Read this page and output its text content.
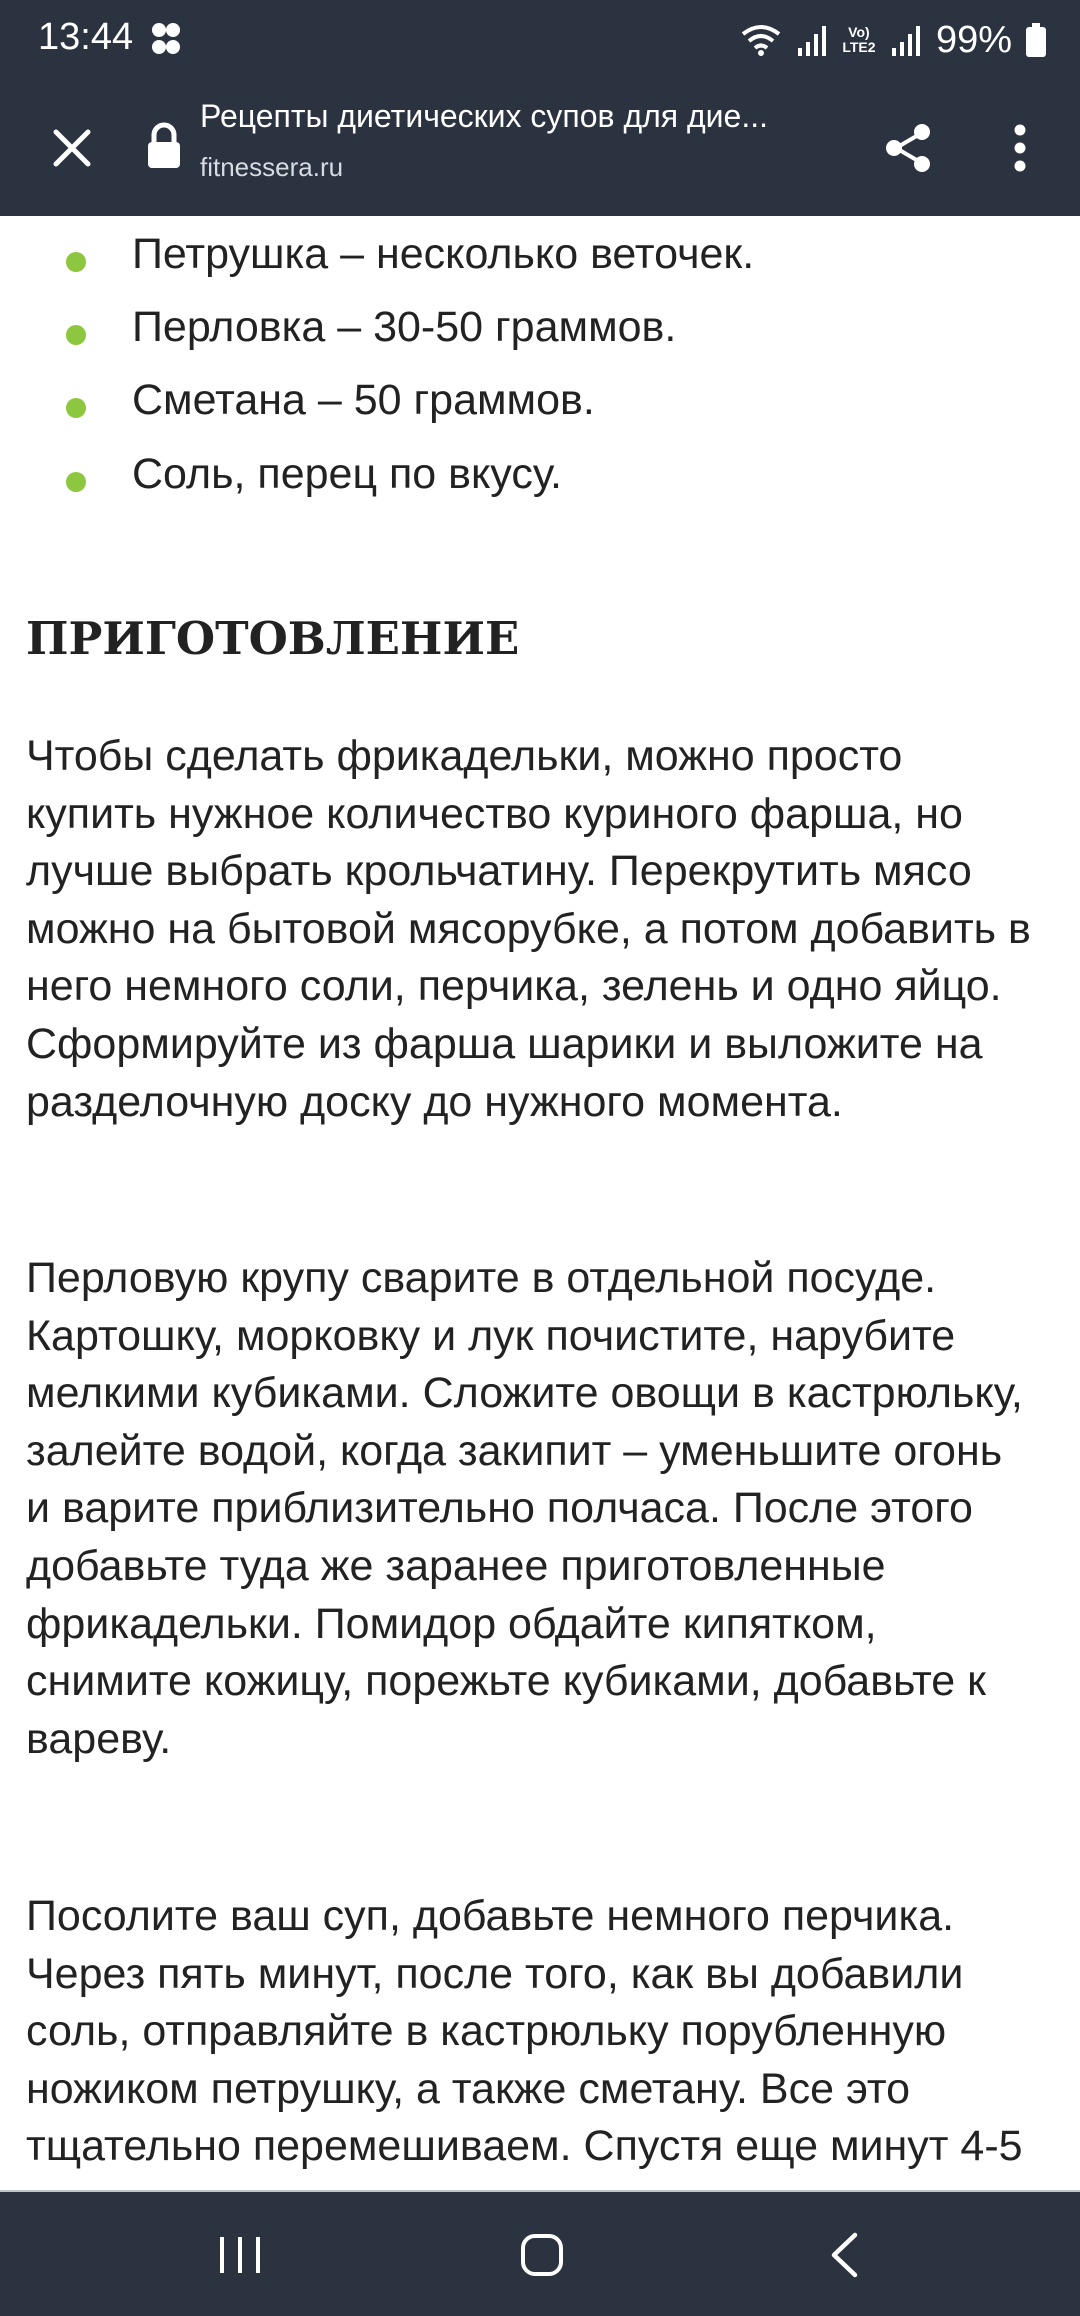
13:44	Vo) LTE2 99%
Рецепты диетических супов для дие...
fitnessera.ru
Петрушка – несколько веточек.
Перловка – 30-50 граммов.
Сметана – 50 граммов.
Соль, перец по вкусу.
ПРИГОТОВЛЕНИЕ
Чтобы сделать фрикадельки, можно просто
купить нужное количество куриного фарша, но
лучше выбрать крольчатину. Перекрутить мясо
можно на бытовой мясорубке, а потом добавить в
него немного соли, перчика, зелень и одно яйцо.
Сформируйте из фарша шарики и выложите на
разделочную доску до нужного момента.
Перловую крупу сварите в отдельной посуде.
Картошку, морковку и лук почистите, нарубите
мелкими кубиками. Сложите овощи в кастрюльку,
залейте водой, когда закипит – уменьшите огонь
и варите приблизительно полчаса. После этого
добавьте туда же заранее приготовленные
фрикадельки. Помидор обдайте кипятком,
снимите кожицу, порежьте кубиками, добавьте к
вареву.
Посолите ваш суп, добавьте немного перчика.
Через пять минут, после того, как вы добавили
соль, отправляйте в кастрюльку порубленную
ножиком петрушку, а также сметану. Все это
тщательно перемешиваем. Спустя еще минут 4-5
